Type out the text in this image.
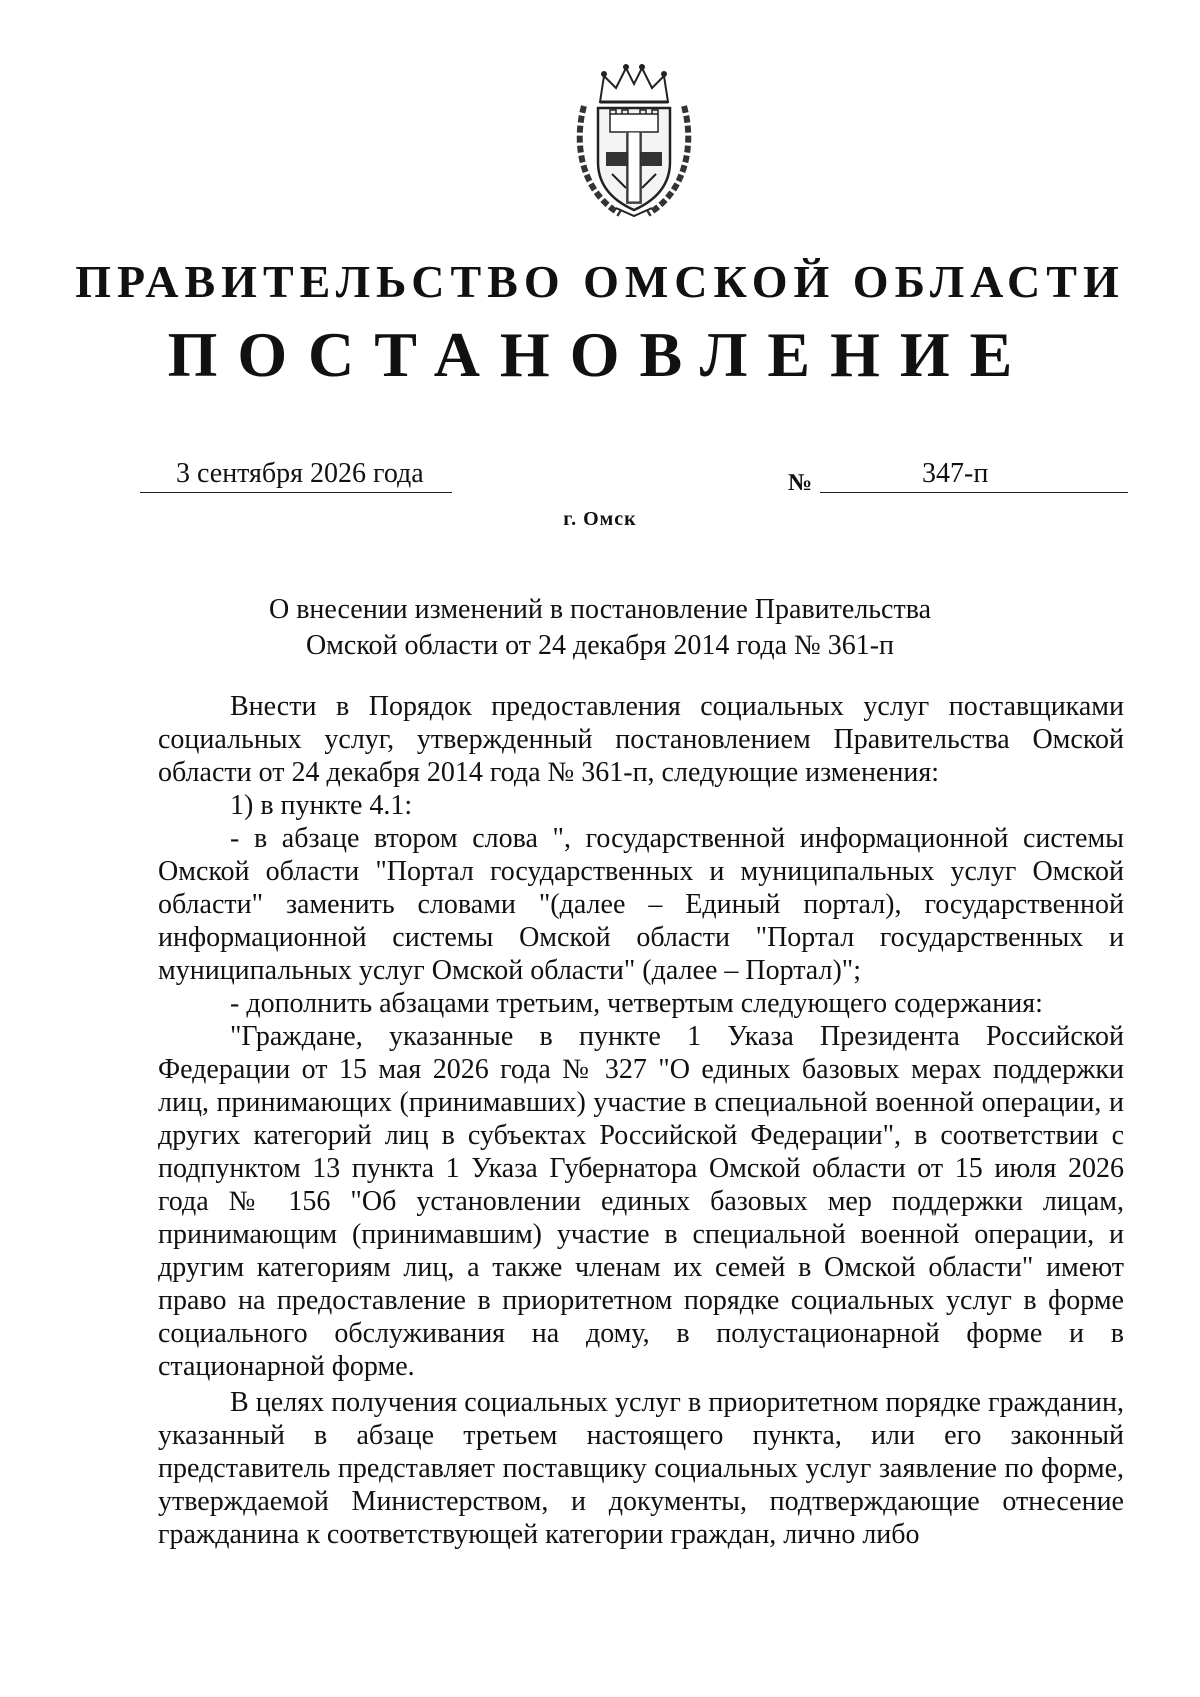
ПРАВИТЕЛЬСТВО ОМСКОЙ ОБЛАСТИ
ПОСТАНОВЛЕНИЕ
3 сентября 2026 года	№	347-п
г. Омск
О внесении изменений в постановление Правительства
Омской области от 24 декабря 2014 года № 361-п

Внести в Порядок предоставления социальных услуг поставщиками социальных услуг, утвержденный постановлением Правительства Омской области от 24 декабря 2014 года № 361-п, следующие изменения:

1) в пункте 4.1:

- в абзаце втором слова ", государственной информационной системы Омской области "Портал государственных и муниципальных услуг Омской области" заменить словами "(далее – Единый портал), государственной информационной системы Омской области "Портал государственных и муниципальных услуг Омской области" (далее – Портал)";

- дополнить абзацами третьим, четвертым следующего содержания:

"Граждане, указанные в пункте 1 Указа Президента Российской Федерации от 15 мая 2026 года № 327 "О единых базовых мерах поддержки лиц, принимающих (принимавших) участие в специальной военной операции, и других категорий лиц в субъектах Российской Федерации", в соответствии с подпунктом 13 пункта 1 Указа Губернатора Омской области от 15 июля 2026 года № 156 "Об установлении единых базовых мер поддержки лицам, принимающим (принимавшим) участие в специальной военной операции, и другим категориям лиц, а также членам их семей в Омской области" имеют право на предоставление в приоритетном порядке социальных услуг в форме социального обслуживания на дому, в полустационарной форме и в стационарной форме.

В целях получения социальных услуг в приоритетном порядке гражданин, указанный в абзаце третьем настоящего пункта, или его законный представитель представляет поставщику социальных услуг заявление по форме, утверждаемой Министерством, и документы, подтверждающие отнесение гражданина к соответствующей категории граждан, лично либо
